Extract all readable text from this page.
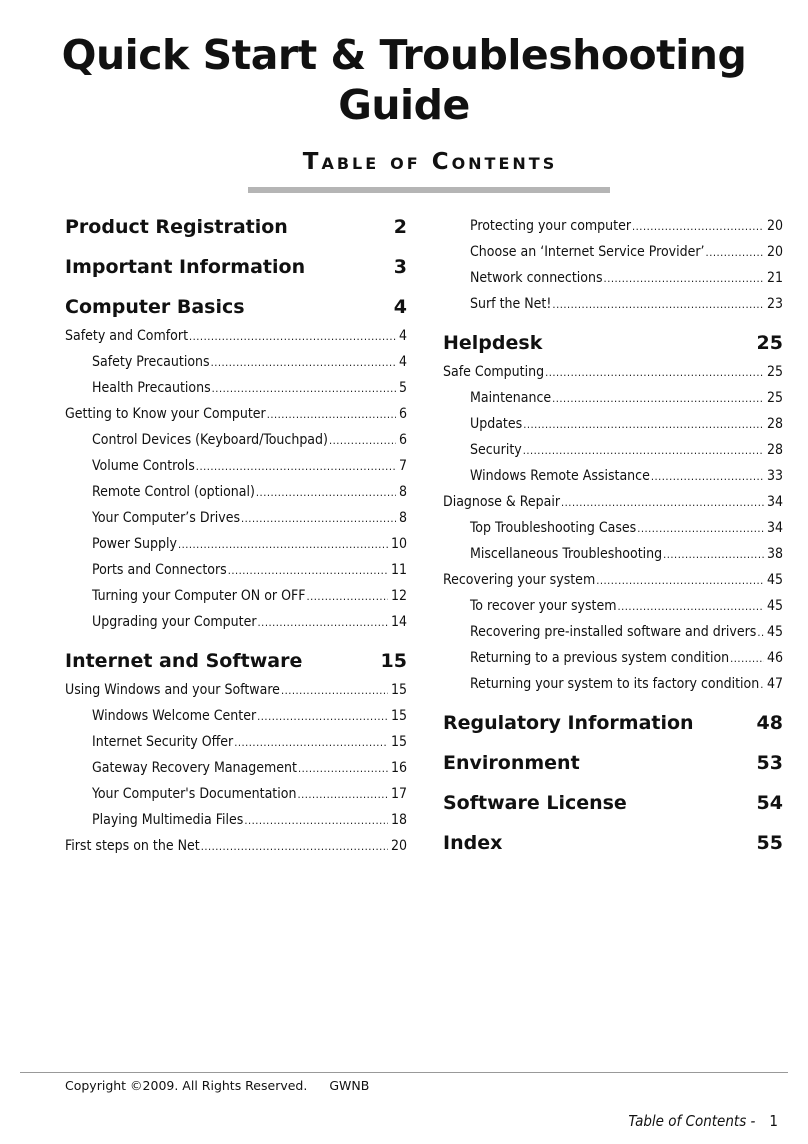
Quick Start & Troubleshooting
Guide
Table of Contents
Product Registration	2
Important Information	3
Computer Basics	4
Safety and Comfort .....	4
Safety Precautions .....	4
Health Precautions .....	5
Getting to Know your Computer .....	6
Control Devices (Keyboard/Touchpad) .....	6
Volume Controls .....	7
Remote Control (optional) .....	8
Your Computer’s Drives .....	8
Power Supply .....	10
Ports and Connectors .....	11
Turning your Computer ON or OFF .....	12
Upgrading your Computer .....	14
Internet and Software	15
Using Windows and your Software .....	15
Windows Welcome Center .....	15
Internet Security Offer .....	15
Gateway Recovery Management .....	16
Your Computer's Documentation .....	17
Playing Multimedia Files .....	18
First steps on the Net .....	20
Protecting your computer .....	20
Choose an ‘Internet Service Provider’ .....	20
Network connections .....	21
Surf the Net! .....	23
Helpdesk	25
Safe Computing .....	25
Maintenance .....	25
Updates .....	28
Security .....	28
Windows Remote Assistance .....	33
Diagnose & Repair .....	34
Top Troubleshooting Cases .....	34
Miscellaneous Troubleshooting .....	38
Recovering your system .....	45
To recover your system .....	45
Recovering pre-installed software and drivers ..... 45
Returning to a previous system condition .....	46
Returning your system to its factory condition ..... 47
Regulatory Information	48
Environment	53
Software License	54
Index	55
Copyright ©2009. All Rights Reserved. GWNB
Table of Contents - 1
